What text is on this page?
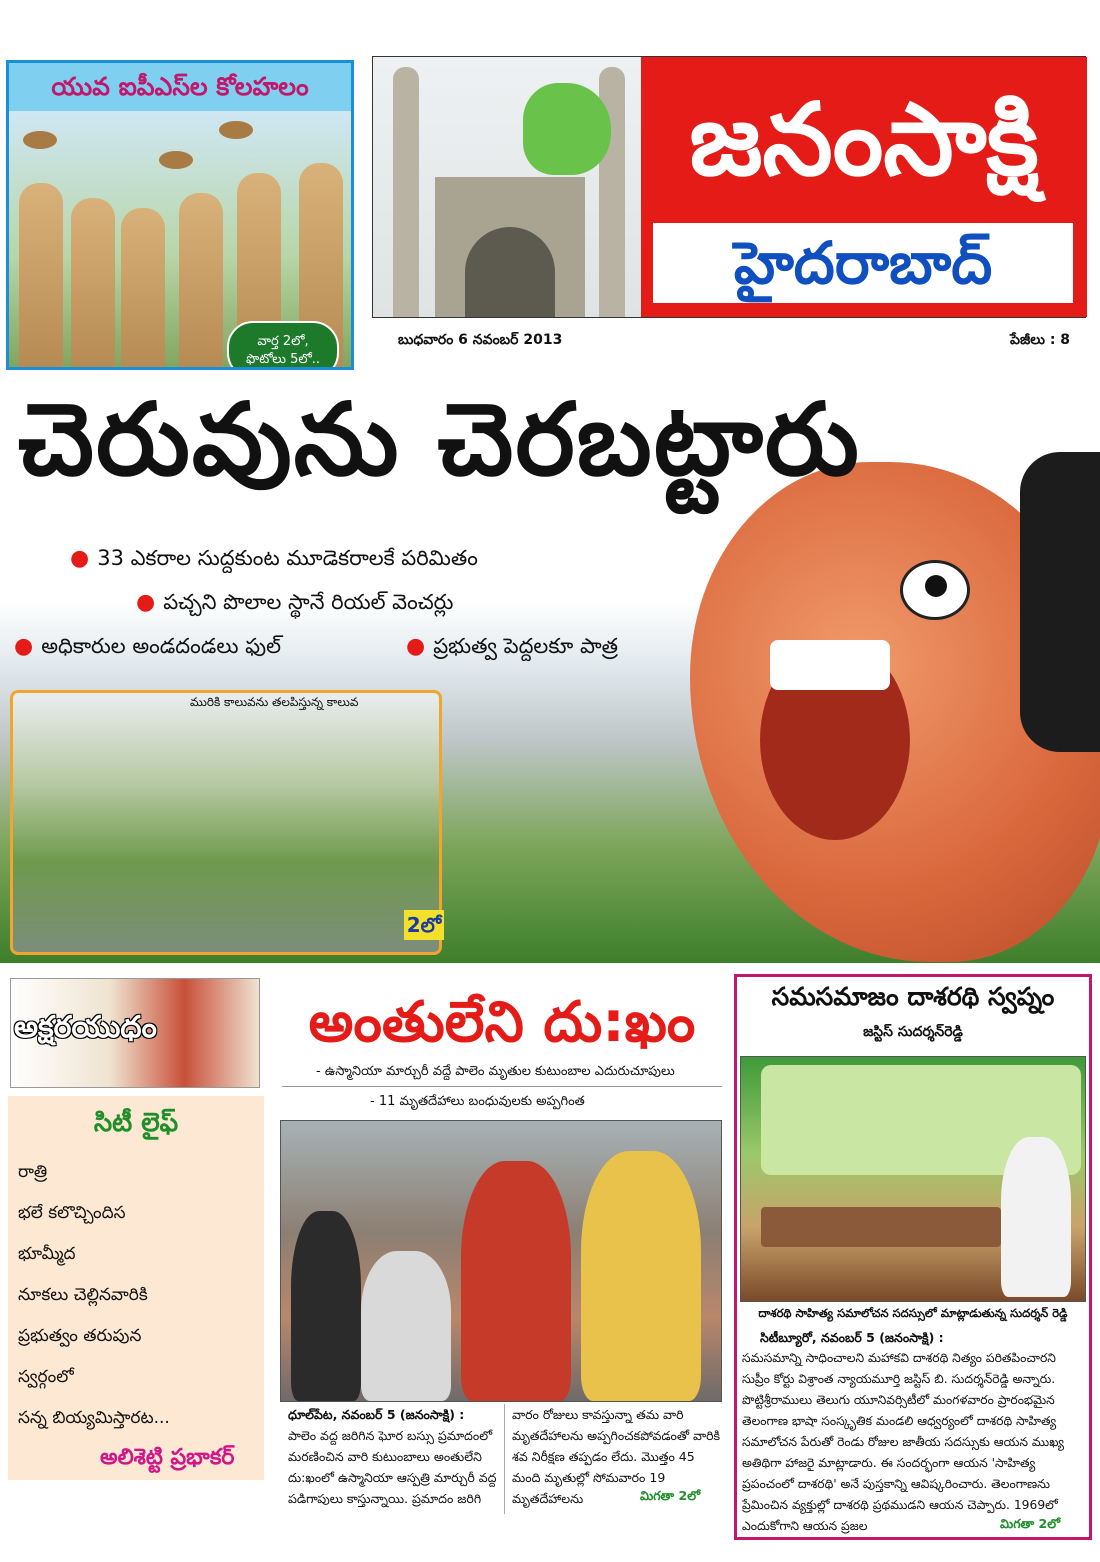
యువ ఐపీఎస్‌ల కోలహలం
వార్త 2లో,
ఫొటోలు 5లో..
జనంసాక్షి
హైదరాబాద్
బుధవారం 6 నవంబర్‌ 2013	పేజీలు : 8
చెరువును చెరబట్టారు
● 33 ఎకరాల సుద్దకుంట మూడెకరాలకే పరిమితం
● పచ్చని పొలాల స్థానే రియల్‌ వెంచర్లు
● అధికారుల అండదండలు ఫుల్‌	● ప్రభుత్వ పెద్దలకూ పాత్ర
మురికి కాలువను తలపిస్తున్న కాలువ
2లో
అక్షరయుధం
సిటీ లైఫ్‌
రాత్రి
భలే కలొచ్చిందిస
భూమ్మీద
నూకలు చెల్లినవారికి
ప్రభుత్వం తరుపున
స్వర్గంలో
సన్న బియ్యమిస్తారట...
అలిశెట్టి ప్రభాకర్‌
అంతులేని దు:ఖం
- ఉస్మానియా మార్చురీ వద్దే పాలెం మృతుల కుటుంబాల ఎదురుచూపులు
- 11 మృతదేహాలు బంధువులకు అప్పగింత
ధూల్‌పేట, నవంబర్‌ 5 (జనంసాక్షి) :
పాలెం వద్ద జరిగిన ఘోర బస్సు ప్రమాదంలో
మరణించిన వారి కుటుంబాలు అంతులేని
దు:ఖంలో ఉస్మానియా ఆస్పత్రి మార్చురీ వద్ద
పడిగాపులు కాస్తున్నాయి. ప్రమాదం జరిగి
వారం రోజులు కావస్తున్నా తమ వారి
మృతదేహాలను అప్పగించకపోవడంతో వారికి
శవ నిరీక్షణ తప్పడం లేదు. మొత్తం 45
మంది మృతుల్లో సోమవారం 19
మృతదేహాలను	మిగతా 2లో
సమసమాజం దాశరథి స్వప్నం
జస్టిస్‌ సుదర్శన్‌రెడ్డి
దాశరథి సాహిత్య సమాలోచన సదస్సులో మాట్లాడుతున్న సుదర్శన్‌ రెడ్డి
సిటీబ్యూరో, నవంబర్‌ 5 (జనంసాక్షి) :
సమసమాన్ని సాధించాలని మహాకవి దాశరథి నిత్యం పరితపించారని
సుప్రీం కోర్టు విశ్రాంత న్యాయమూర్తి జస్టిస్‌ బి. సుదర్శన్‌రెడ్డి అన్నారు.
పొట్టిశ్రీరాములు తెలుగు యూనివర్సిటీలో మంగళవారం ప్రారంభమైన
తెలంగాణ భాషా సంస్కృతిక మండలి ఆధ్వర్యంలో దాశరథి సాహిత్య
సమాలోచన పేరుతో రెండు రోజుల జాతీయ సదస్సుకు ఆయన ముఖ్య
అతిథిగా హాజరై మాట్లాడారు. ఈ సందర్భంగా ఆయన 'సాహిత్య
ప్రపంచంలో దాశరథి' అనే పుస్తకాన్ని ఆవిష్కరించారు. తెలంగాణను
ప్రేమించిన వ్యక్తుల్లో దాశరథి ప్రథముడని ఆయన చెప్పారు. 1969లో
ఎందుకోగాని ఆయన ప్రజల	మిగతా 2లో
